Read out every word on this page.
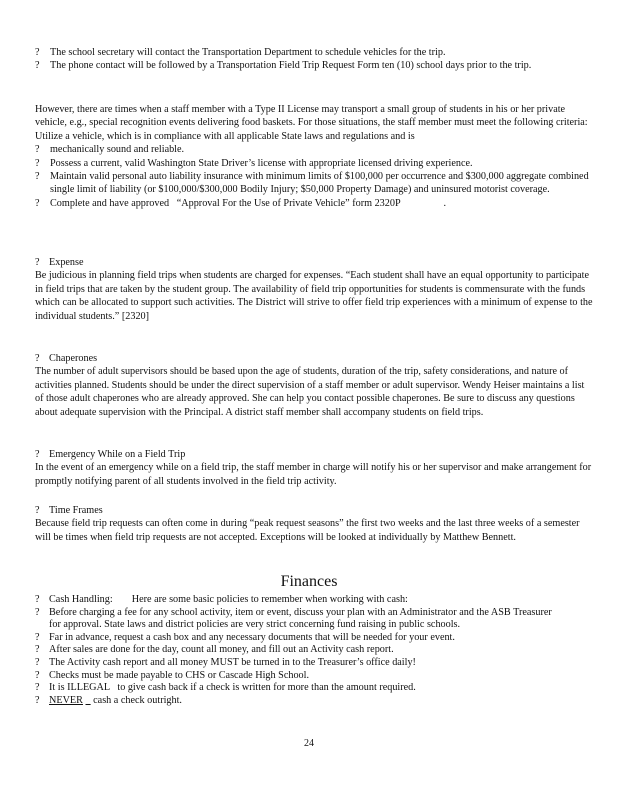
? The school secretary will contact the Transportation Department to schedule vehicles for the trip.
? The phone contact will be followed by a Transportation Field Trip Request Form ten (10) school days prior to the trip.
However, there are times when a staff member with a Type II License may transport a small group of students in his or her private vehicle, e.g., special recognition events delivering food baskets. For those situations, the staff member must meet the following criteria:
Utilize a vehicle, which is in compliance with all applicable State laws and regulations and is
? mechanically sound and reliable.
? Possess a current, valid Washington State Driver’s license with appropriate licensed driving experience.
? Maintain valid personal auto liability insurance with minimum limits of $100,000 per occurrence and $300,000 aggregate combined single limit of liability (or $100,000/$300,000 Bodily Injury; $50,000 Property Damage) and uninsured motorist coverage.
? Complete and have approved   “Approval For the Use of Private Vehicle” form 2320P                 .
? Expense
Be judicious in planning field trips when students are charged for expenses. “Each student shall have an equal opportunity to participate in field trips that are taken by the student group. The availability of field trip opportunities for students is commensurate with the funds which can be allocated to support such activities. The District will strive to offer field trip experiences with a minimum of expense to the individual students.” [2320]
? Chaperones
The number of adult supervisors should be based upon the age of students, duration of the trip, safety considerations, and nature of activities planned. Students should be under the direct supervision of a staff member or adult supervisor. Wendy Heiser maintains a list of those adult chaperones who are already approved. She can help you contact possible chaperones. Be sure to discuss any questions about adequate supervision with the Principal. A district staff member shall accompany students on field trips.
? Emergency While on a Field Trip
In the event of an emergency while on a field trip, the staff member in charge will notify his or her supervisor and make arrangement for promptly notifying parent of all students involved in the field trip activity.
? Time Frames
Because field trip requests can often come in during “peak request seasons” the first two weeks and the last three weeks of a semester will be times when field trip requests are not accepted. Exceptions will be looked at individually by Matthew Bennett.
Finances
? Cash Handling: Here are some basic policies to remember when working with cash:
? Before charging a fee for any school activity, item or event, discuss your plan with an Administrator and the ASB Treasurer for approval. State laws and district policies are very strict concerning fund raising in public schools.
? Far in advance, request a cash box and any necessary documents that will be needed for your event.
? After sales are done for the day, count all money, and fill out an Activity cash report.
? The Activity cash report and all money MUST be turned in to the Treasurer’s office daily!
? Checks must be made payable to CHS or Cascade High School.
? It is ILLEGAL   to give cash back if a check is written for more than the amount required.
? NEVER cash a check outright.
24
